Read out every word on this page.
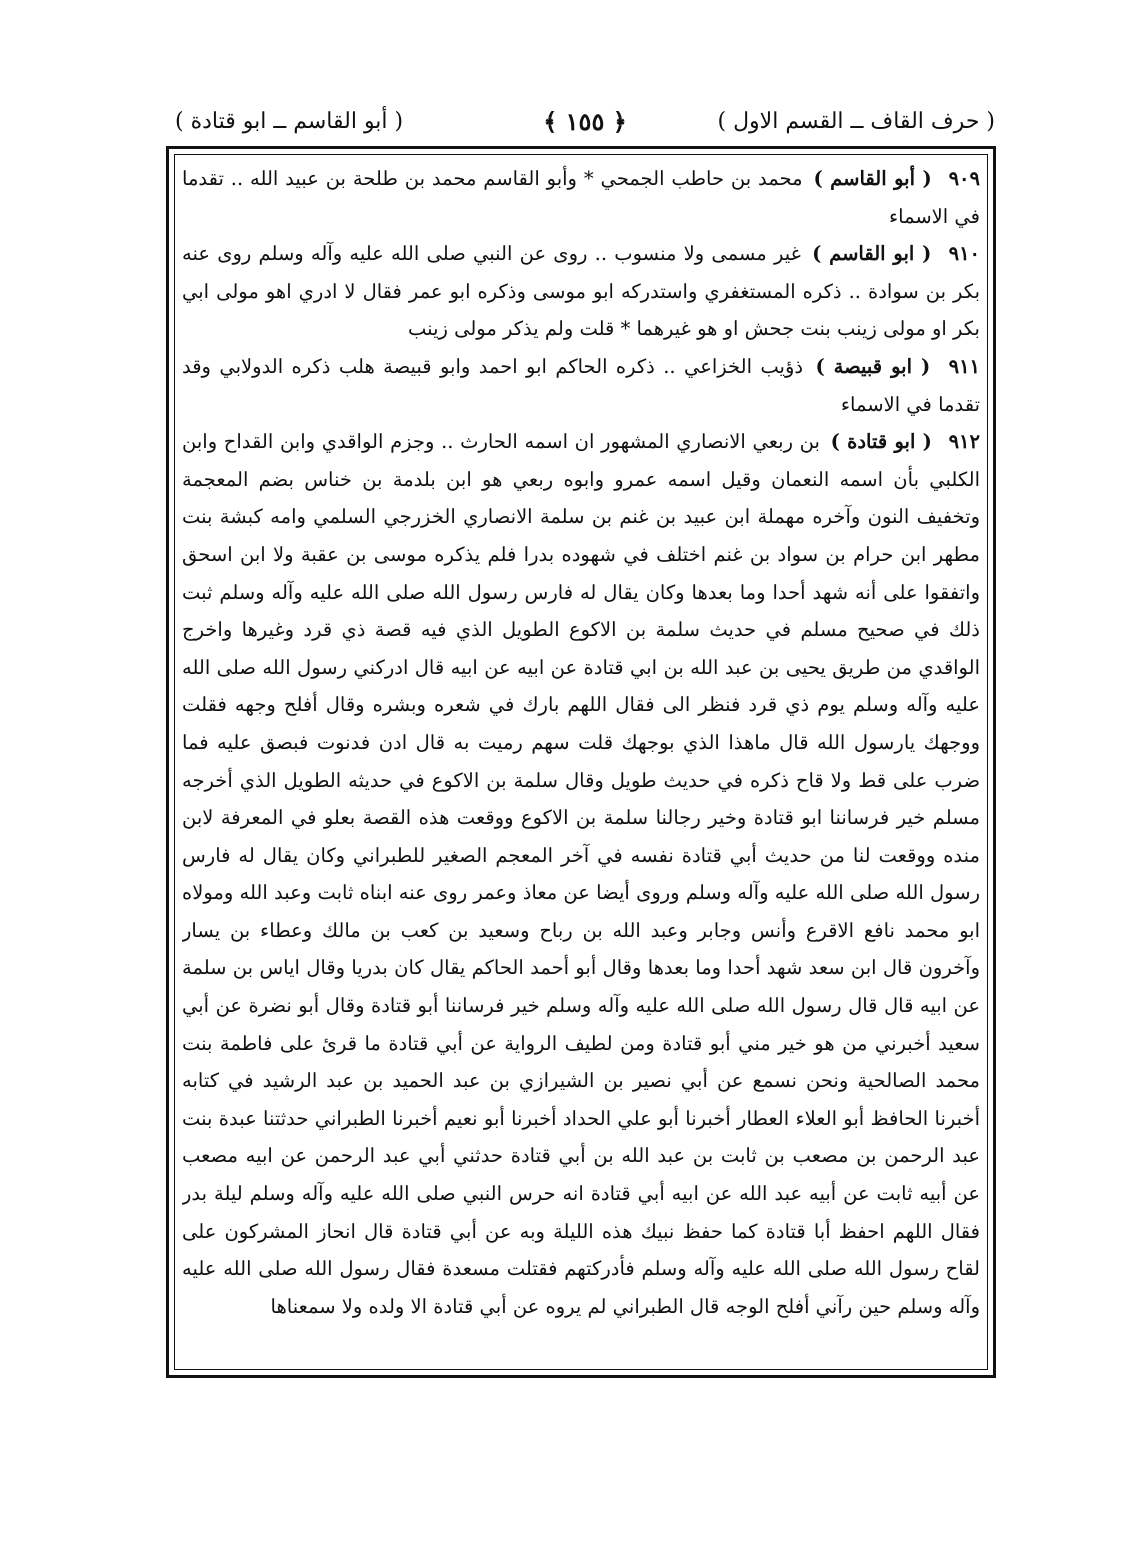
( حرف القاف ــ القسم الاول )
﴿ ١٥٥ ﴾
( أبو القاسم ــ ابو قتادة )

٩٠٩ ( أبو القاسم ) محمد بن حاطب الجمحي * وأبو القاسم محمد بن طلحة بن عبيد الله .. تقدما في الاسماء

٩١٠ ( ابو القاسم ) غير مسمى ولا منسوب .. روى عن النبي صلى الله عليه وآله وسلم روى عنه بكر بن سوادة .. ذكره المستغفري واستدركه ابو موسى وذكره ابو عمر فقال لا ادري اهو مولى ابي بكر او مولى زينب بنت جحش او هو غيرهما * قلت ولم يذكر مولى زينب

٩١١ ( ابو قبيصة ) ذؤيب الخزاعي .. ذكره الحاكم ابو احمد وابو قبيصة هلب ذكره الدولابي وقد تقدما في الاسماء

٩١٢ ( ابو قتادة ) بن ربعي الانصاري المشهور ان اسمه الحارث .. وجزم الواقدي وابن القداح وابن الكلبي بأن اسمه النعمان وقيل اسمه عمرو وابوه ربعي هو ابن بلدمة بن خناس بضم المعجمة وتخفيف النون وآخره مهملة ابن عبيد بن غنم بن سلمة الانصاري الخزرجي السلمي وامه كبشة بنت مطهر ابن حرام بن سواد بن غنم اختلف في شهوده بدرا فلم يذكره موسى بن عقبة ولا ابن اسحق واتفقوا على أنه شهد أحدا وما بعدها وكان يقال له فارس رسول الله صلى الله عليه وآله وسلم ثبت ذلك في صحيح مسلم في حديث سلمة بن الاكوع الطويل الذي فيه قصة ذي قرد وغيرها واخرج الواقدي من طريق يحيى بن عبد الله بن ابي قتادة عن ابيه عن ابيه قال ادركني رسول الله صلى الله عليه وآله وسلم يوم ذي قرد فنظر الى فقال اللهم بارك في شعره وبشره وقال أفلح وجهه فقلت ووجهك يارسول الله قال ماهذا الذي بوجهك قلت سهم رميت به قال ادن فدنوت فبصق عليه فما ضرب على قط ولا قاح ذكره في حديث طويل وقال سلمة بن الاكوع في حديثه الطويل الذي أخرجه مسلم خير فرساننا ابو قتادة وخير رجالنا سلمة بن الاكوع ووقعت هذه القصة بعلو في المعرفة لابن منده ووقعت لنا من حديث أبي قتادة نفسه في آخر المعجم الصغير للطبراني وكان يقال له فارس رسول الله صلى الله عليه وآله وسلم وروى أيضا عن معاذ وعمر روى عنه ابناه ثابت وعبد الله ومولاه ابو محمد نافع الاقرع وأنس وجابر وعبد الله بن رباح وسعيد بن كعب بن مالك وعطاء بن يسار وآخرون قال ابن سعد شهد أحدا وما بعدها وقال أبو أحمد الحاكم يقال كان بدريا وقال اياس بن سلمة عن ابيه قال قال رسول الله صلى الله عليه وآله وسلم خير فرساننا أبو قتادة وقال أبو نضرة عن أبي سعيد أخبرني من هو خير مني أبو قتادة ومن لطيف الرواية عن أبي قتادة ما قرئ على فاطمة بنت محمد الصالحية ونحن نسمع عن أبي نصير بن الشيرازي بن عبد الحميد بن عبد الرشيد في كتابه أخبرنا الحافظ أبو العلاء العطار أخبرنا أبو علي الحداد أخبرنا أبو نعيم أخبرنا الطبراني حدثتنا عبدة بنت عبد الرحمن بن مصعب بن ثابت بن عبد الله بن أبي قتادة حدثني أبي عبد الرحمن عن ابيه مصعب عن أبيه ثابت عن أبيه عبد الله عن ابيه أبي قتادة انه حرس النبي صلى الله عليه وآله وسلم ليلة بدر فقال اللهم احفظ أبا قتادة كما حفظ نبيك هذه الليلة وبه عن أبي قتادة قال انحاز المشركون على لقاح رسول الله صلى الله عليه وآله وسلم فأدركتهم فقتلت مسعدة فقال رسول الله صلى الله عليه وآله وسلم حين رآني أفلح الوجه قال الطبراني لم يروه عن أبي قتادة الا ولده ولا سمعناها
